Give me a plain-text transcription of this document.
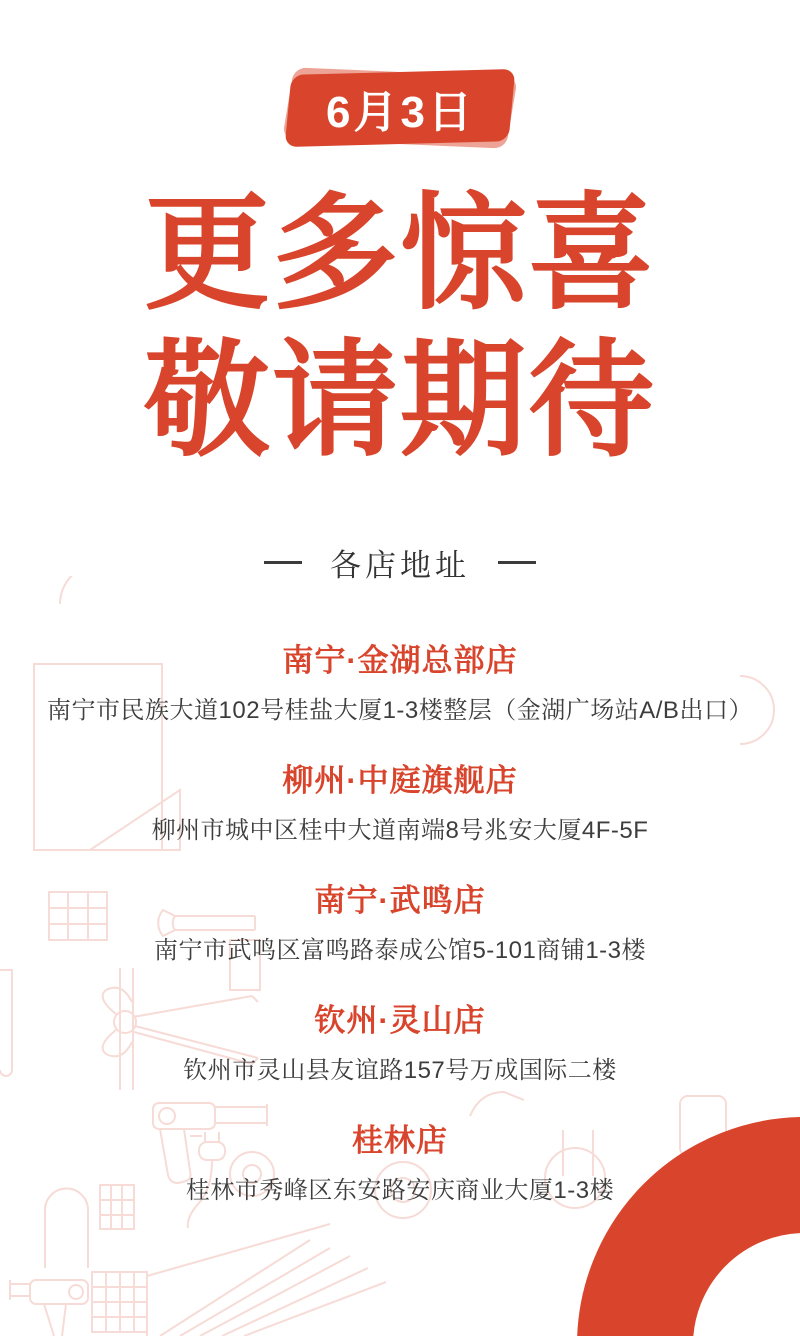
6月3日
更多惊喜
敬请期待
各店地址
南宁·金湖总部店
南宁市民族大道102号桂盐大厦1-3楼整层（金湖广场站A/B出口）
柳州·中庭旗舰店
柳州市城中区桂中大道南端8号兆安大厦4F-5F
南宁·武鸣店
南宁市武鸣区富鸣路泰成公馆5-101商铺1-3楼
钦州·灵山店
钦州市灵山县友谊路157号万成国际二楼
桂林店
桂林市秀峰区东安路安庆商业大厦1-3楼
